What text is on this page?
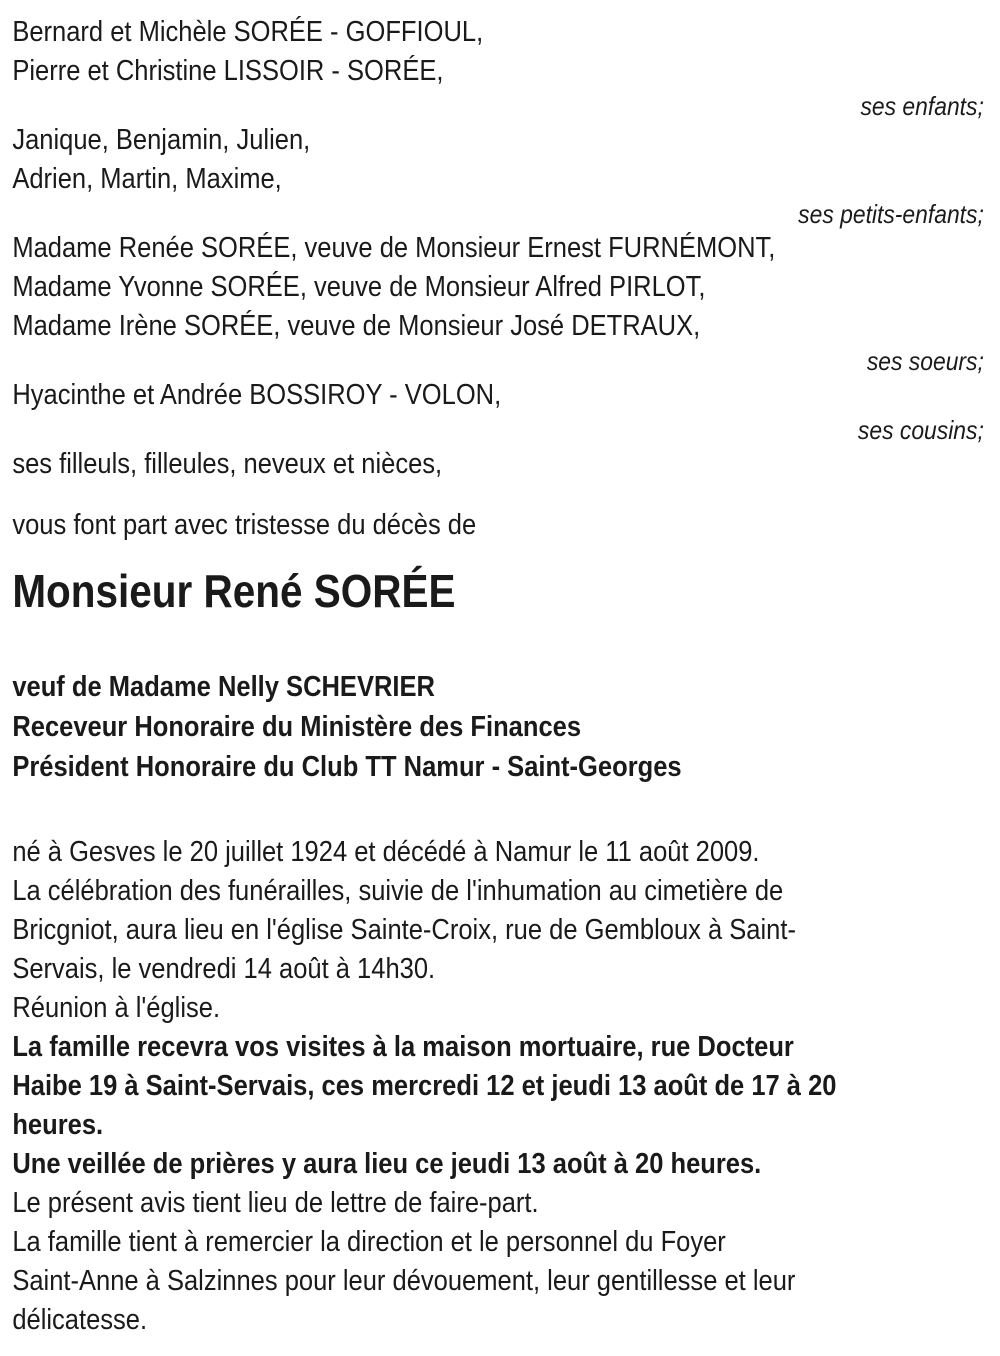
Bernard et Michèle SORÉE - GOFFIOUL,
Pierre et Christine LISSOIR - SORÉE,
ses enfants;
Janique, Benjamin, Julien,
Adrien, Martin, Maxime,
ses petits-enfants;
Madame Renée SORÉE, veuve de Monsieur Ernest FURNÉMONT,
Madame Yvonne SORÉE, veuve de Monsieur Alfred PIRLOT,
Madame Irène SORÉE, veuve de Monsieur José DETRAUX,
ses soeurs;
Hyacinthe et Andrée BOSSIROY - VOLON,
ses cousins;
ses filleuls, filleules, neveux et nièces,
vous font part avec tristesse du décès de
Monsieur René SORÉE
veuf de Madame Nelly SCHEVRIER
Receveur Honoraire du Ministère des Finances
Président Honoraire du Club TT Namur - Saint-Georges
né à Gesves le 20 juillet 1924 et décédé à Namur le 11 août 2009.
La célébration des funérailles, suivie de l'inhumation au cimetière de
Bricgniot, aura lieu en l'église Sainte-Croix, rue de Gembloux à Saint-
Servais, le vendredi 14 août à 14h30.
Réunion à l'église.
La famille recevra vos visites à la maison mortuaire, rue Docteur
Haibe 19 à Saint-Servais, ces mercredi 12 et jeudi 13 août de 17 à 20
heures.
Une veillée de prières y aura lieu ce jeudi 13 août à 20 heures.
Le présent avis tient lieu de lettre de faire-part.
La famille tient à remercier la direction et le personnel du Foyer
Saint-Anne à Salzinnes pour leur dévouement, leur gentillesse et leur
délicatesse.
